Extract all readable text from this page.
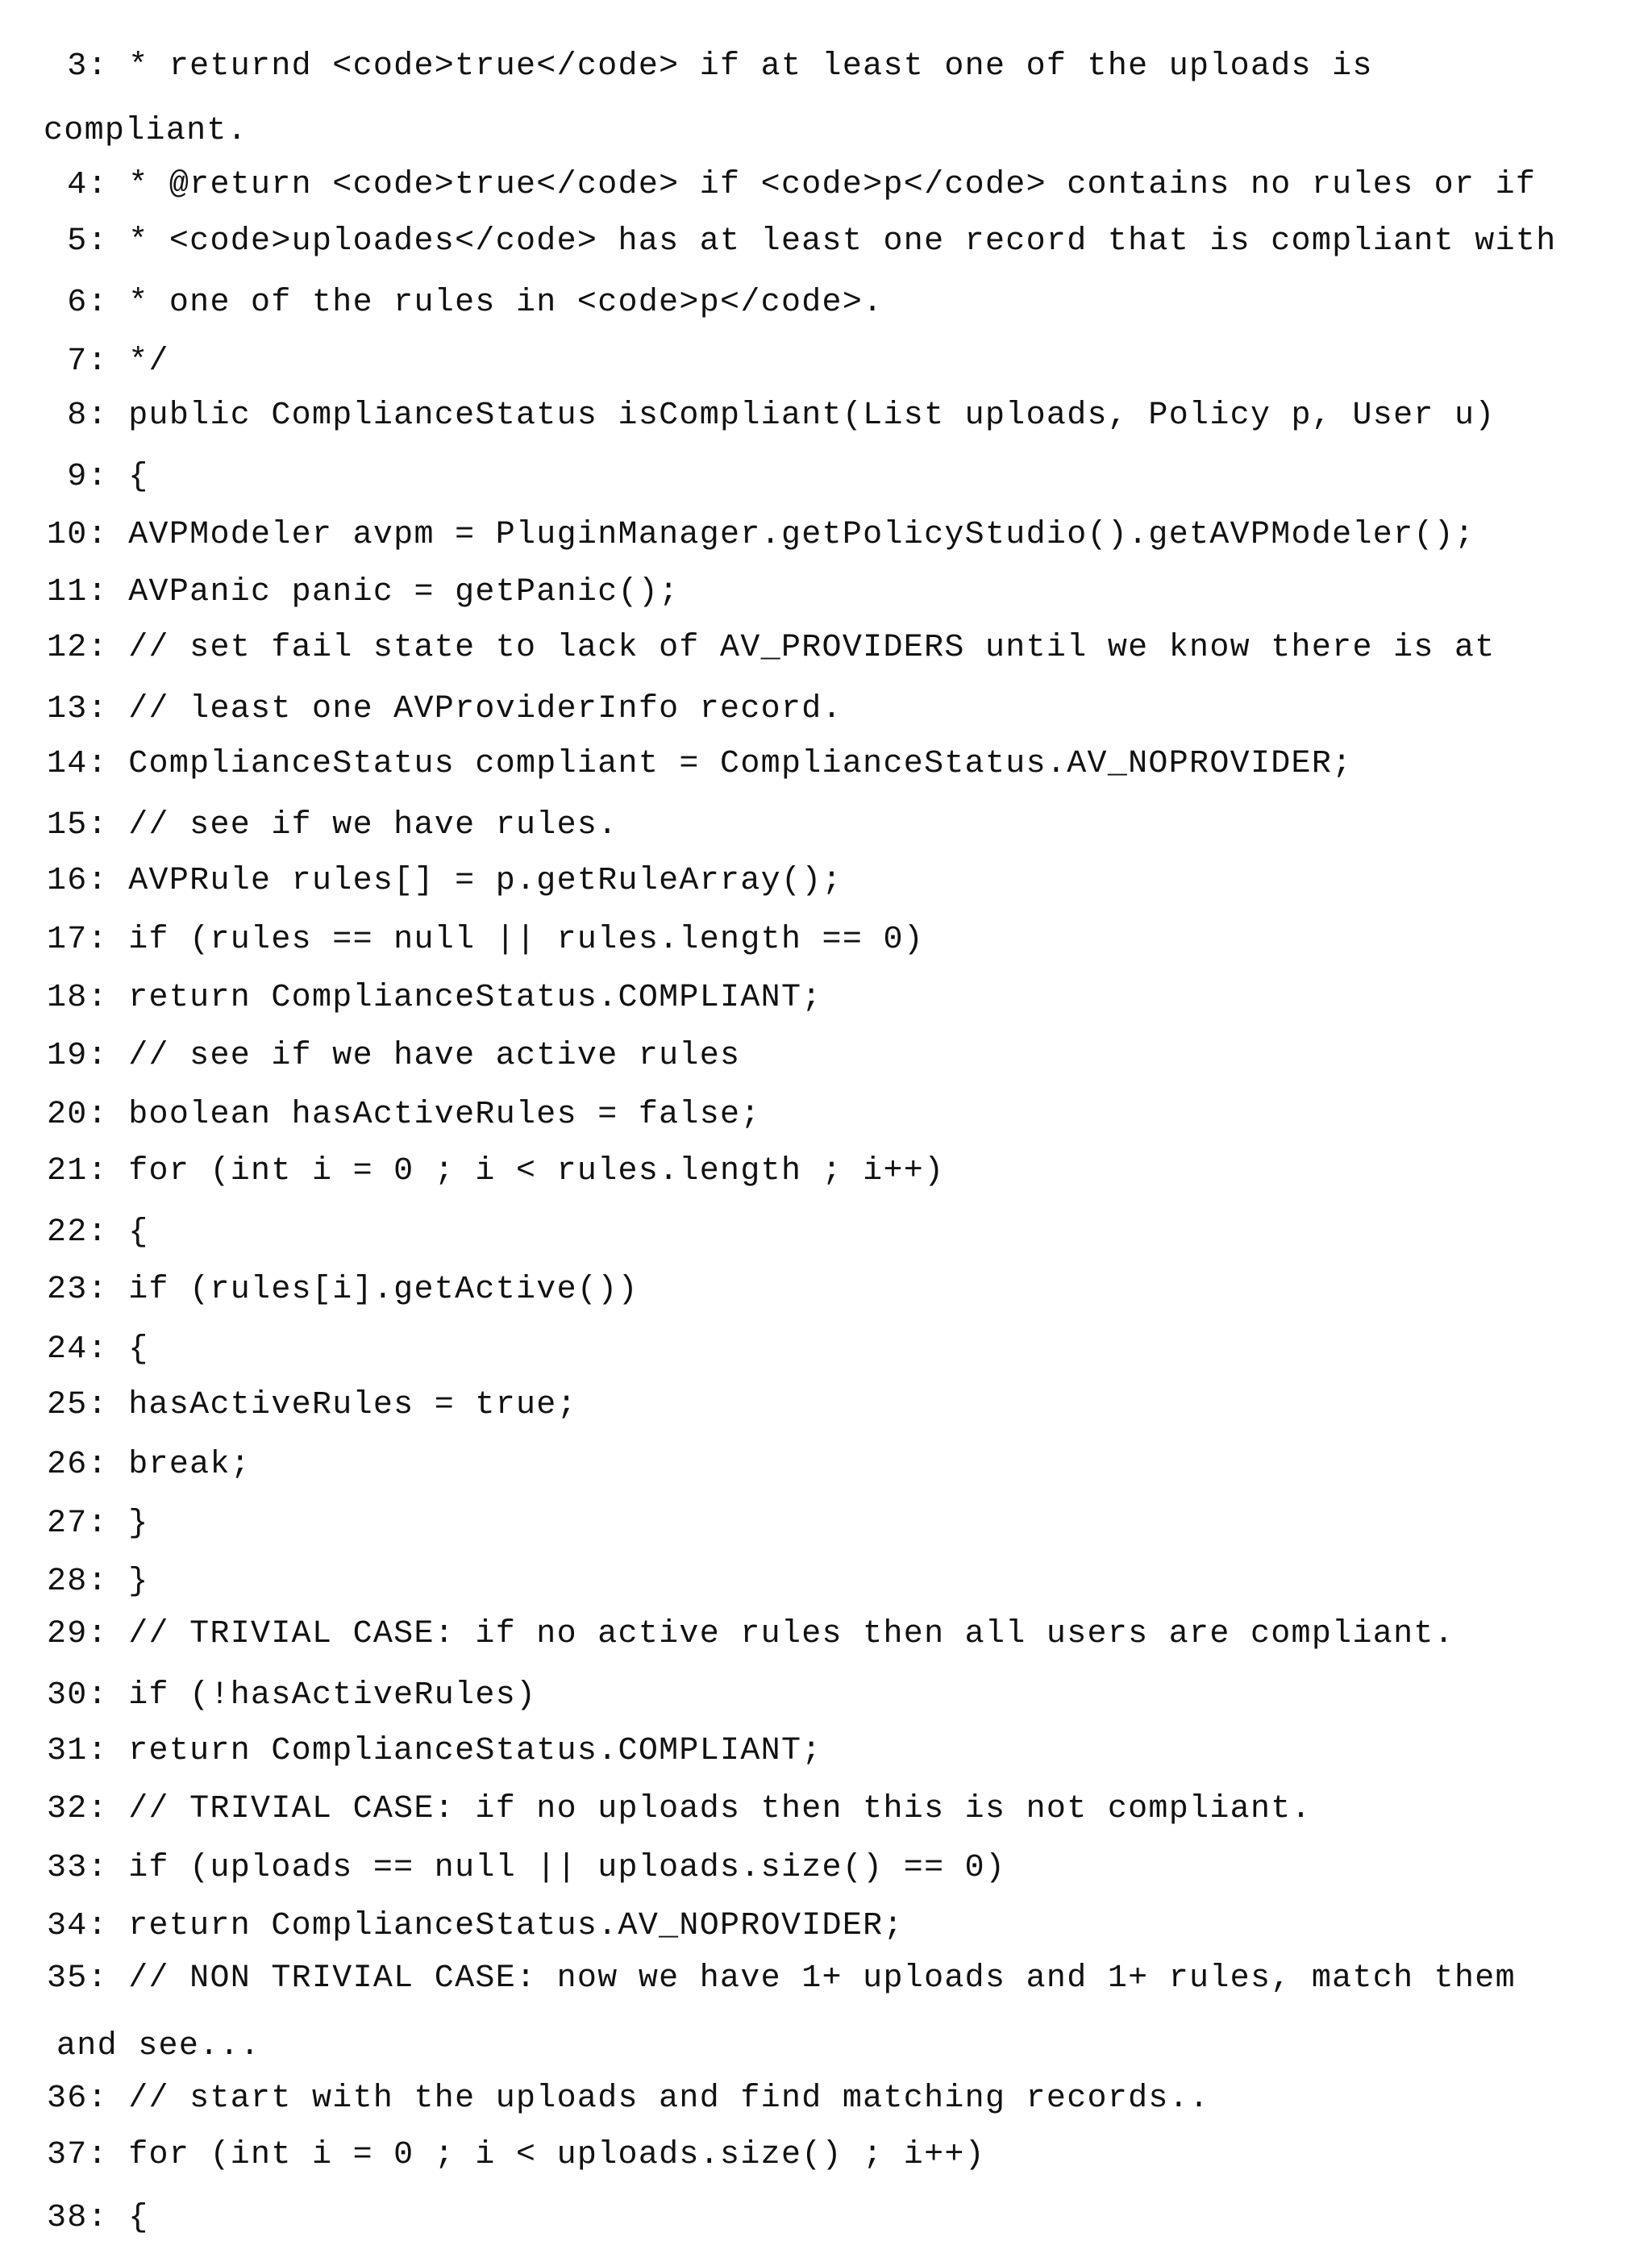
3: * returnd <code>true</code> if at least one of the uploads is
compliant.
4: * @return <code>true</code> if <code>p</code> contains no rules or if
5: * <code>uploades</code> has at least one record that is compliant with
6: * one of the rules in <code>p</code>.
7: */
8: public ComplianceStatus isCompliant(List uploads, Policy p, User u)
9: {
10: AVPModeler avpm = PluginManager.getPolicyStudio().getAVPModeler();
11: AVPanic panic = getPanic();
12: // set fail state to lack of AV_PROVIDERS until we know there is at
13: // least one AVProviderInfo record.
14: ComplianceStatus compliant = ComplianceStatus.AV_NOPROVIDER;
15: // see if we have rules.
16: AVPRule rules[] = p.getRuleArray();
17: if (rules == null || rules.length == 0)
18: return ComplianceStatus.COMPLIANT;
19: // see if we have active rules
20: boolean hasActiveRules = false;
21: for (int i = 0 ; i < rules.length ; i++)
22: {
23: if (rules[i].getActive())
24: {
25: hasActiveRules = true;
26: break;
27: }
28: }
29: // TRIVIAL CASE: if no active rules then all users are compliant.
30: if (!hasActiveRules)
31: return ComplianceStatus.COMPLIANT;
32: // TRIVIAL CASE: if no uploads then this is not compliant.
33: if (uploads == null || uploads.size() == 0)
34: return ComplianceStatus.AV_NOPROVIDER;
35: // NON TRIVIAL CASE: now we have 1+ uploads and 1+ rules, match them
and see...
36: // start with the uploads and find matching records..
37: for (int i = 0 ; i < uploads.size() ; i++)
38: {
